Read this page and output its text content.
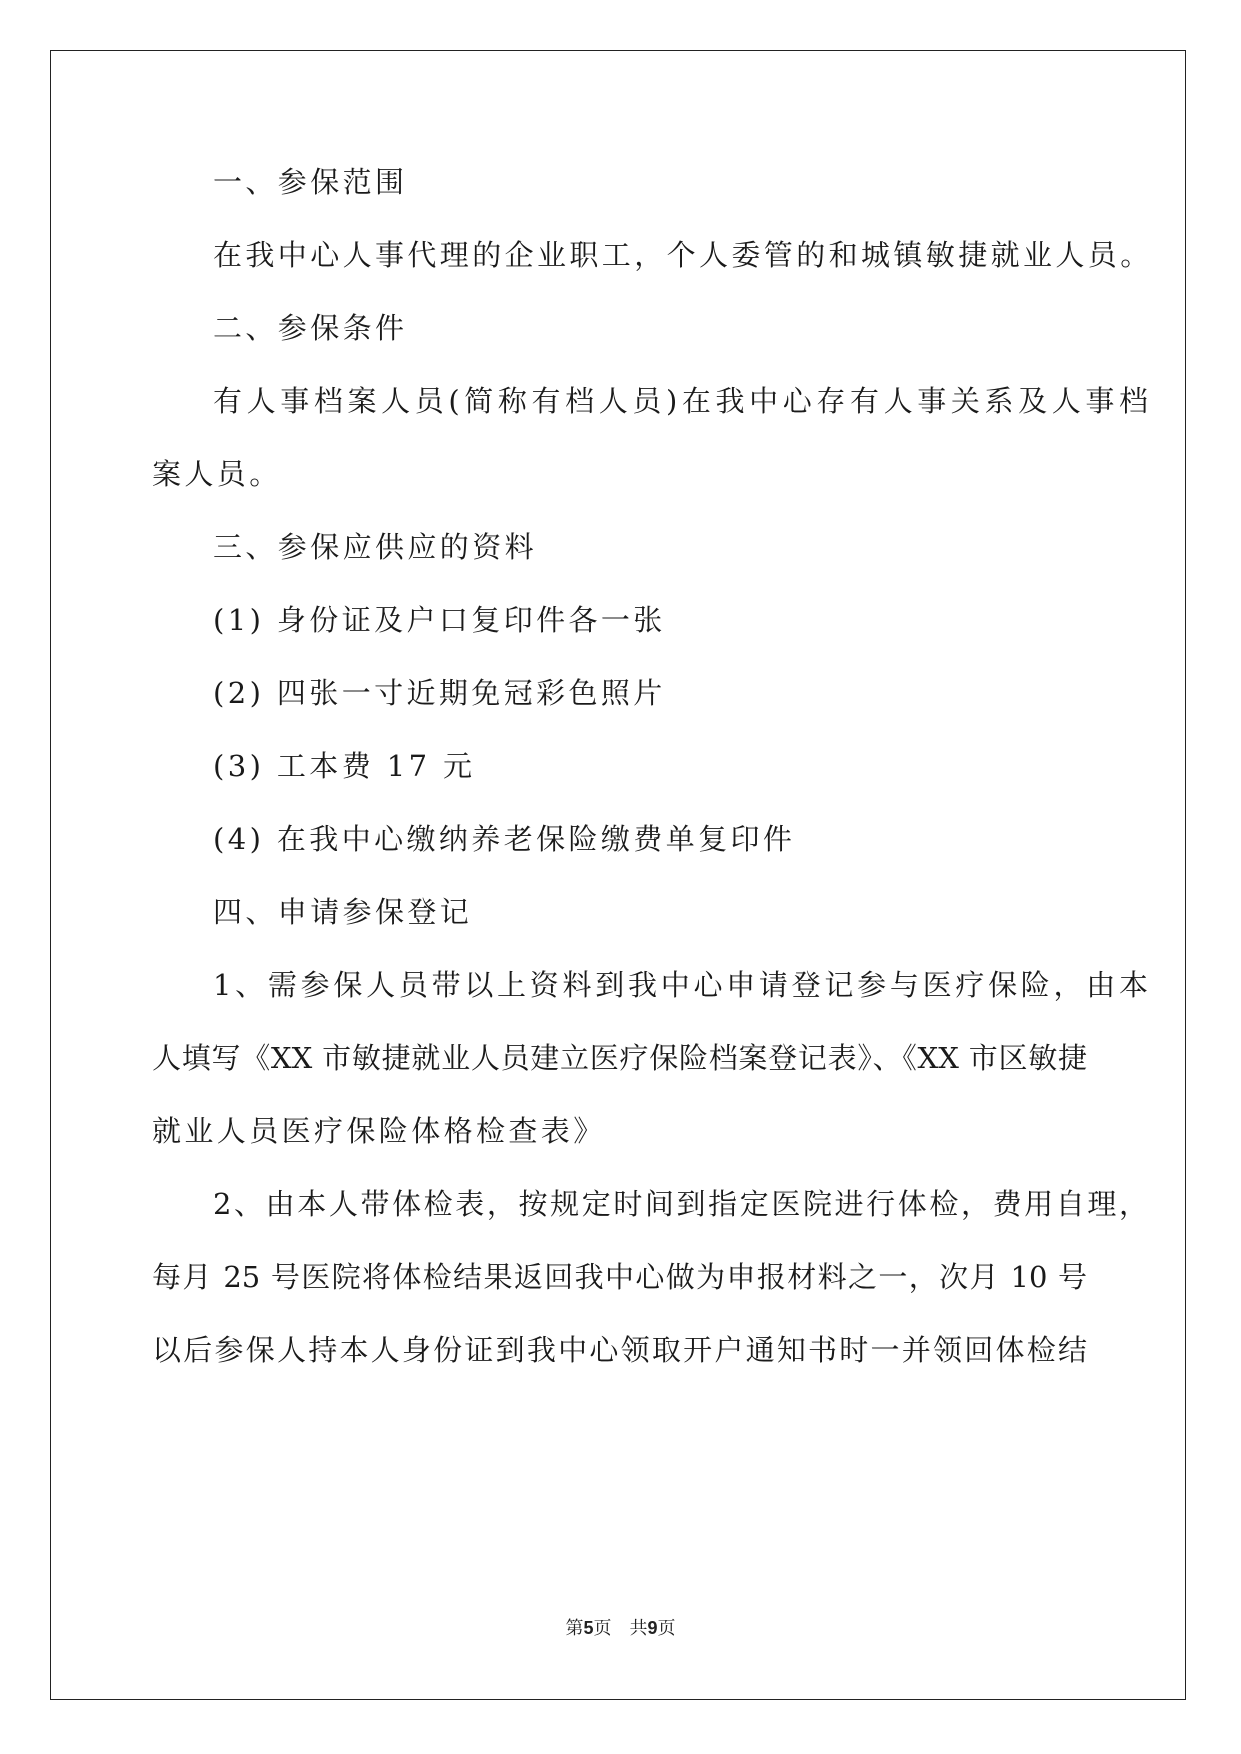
一、参保范围
在我中心人事代理的企业职工，个人委管的和城镇敏捷就业人员。
二、参保条件
有人事档案人员(简称有档人员)在我中心存有人事关系及人事档
案人员。
三、参保应供应的资料
(1) 身份证及户口复印件各一张
(2) 四张一寸近期免冠彩色照片
(3) 工本费 17 元
(4) 在我中心缴纳养老保险缴费单复印件
四、申请参保登记
1、需参保人员带以上资料到我中心申请登记参与医疗保险，由本
人填写《XX 市敏捷就业人员建立医疗保险档案登记表》、《XX 市区敏捷
就业人员医疗保险体格检查表》
2、由本人带体检表，按规定时间到指定医院进行体检，费用自理，
每月 25 号医院将体检结果返回我中心做为申报材料之一，次月 10 号
以后参保人持本人身份证到我中心领取开户通知书时一并领回体检结
第5页 共9页
